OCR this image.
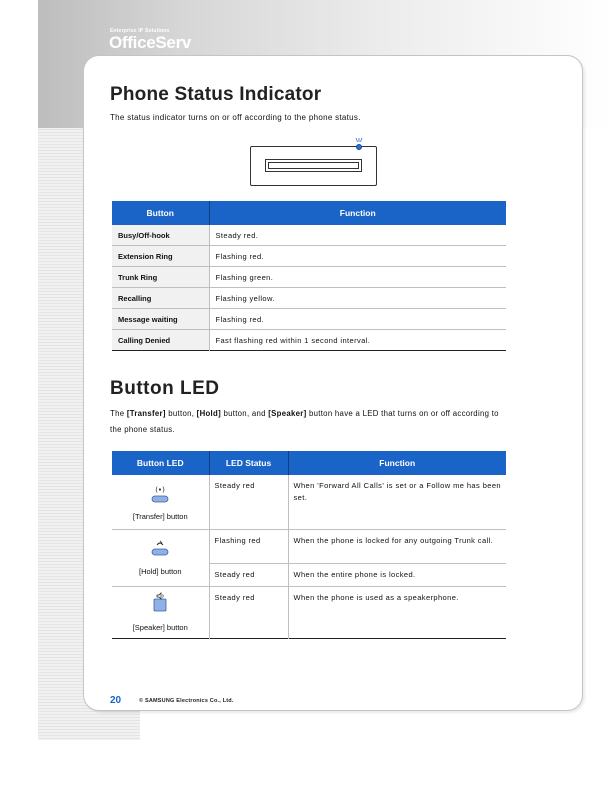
Enterprise IP Solutions
OfficeServ
Phone Status Indicator
The status indicator turns on or off according to the phone status.
Button	Function
Busy/Off-hook	Steady red.
Extension Ring	Flashing red.
Trunk Ring	Flashing green.
Recalling	Flashing yellow.
Message waiting	Flashing red.
Calling Denied	Fast flashing red within 1 second interval.
Button LED
The [Transfer] button, [Hold] button, and [Speaker] button have a LED that turns on or off according to the phone status.
Button LED	LED Status	Function

(•)
[Transfer] button	Steady red	When 'Forward All Calls' is set or a Follow me has been set.

[Hold] button	Flashing red	When the phone is locked for any outgoing Trunk call.
	Steady red	When the entire phone is locked.

[Speaker] button	Steady red	When the phone is used as a speakerphone.
20	© SAMSUNG Electronics Co., Ltd.
